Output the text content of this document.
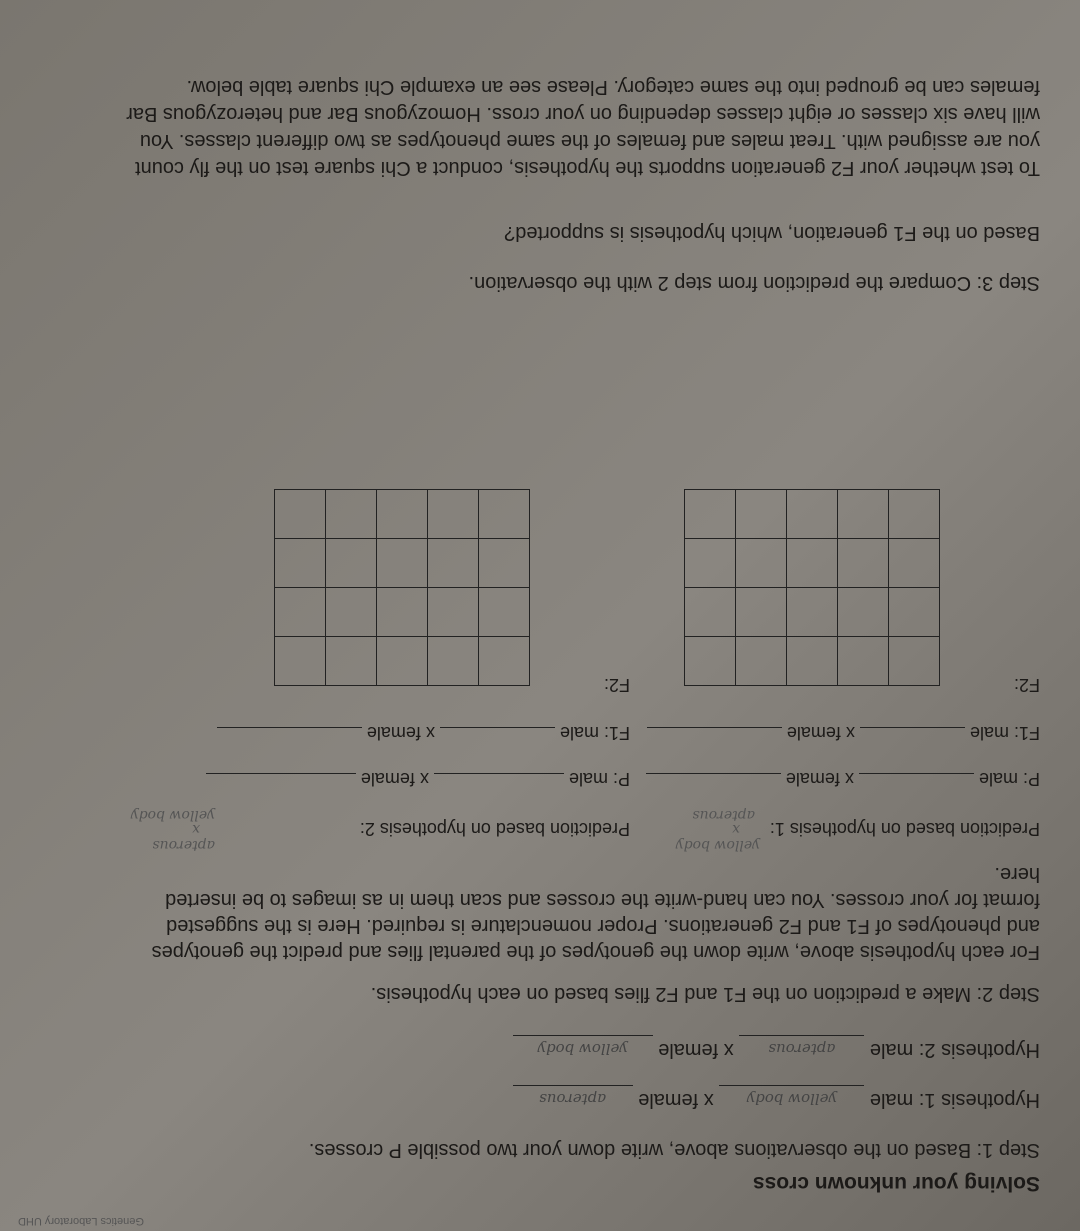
Genetics Laboratory UHD
Solving your unknown cross

Step 1: Based on the observations above, write down your two possible P crosses.

Hypothesis 1: male yellow body x female apterous
Hypothesis 2: male apterous x female yellow body

Step 2: Make a prediction on the F1 and F2 flies based on each hypothesis.

For each hypothesis above, write down the genotypes of the parental flies and predict the genotypes

and phenotypes of F1 and F2 generations. Proper nomenclature is required. Here is the suggested

format for your crosses. You can hand-write the crosses and scan them in as images to be inserted

here.

Prediction based on hypothesis 1:
yellow body
x
apterous
Prediction based on hypothesis 2:
apterous
x
yellow body
P: male  x female
F1: male  x female
F2:
P: male  x female
F1: male  x female
F2:

Step 3: Compare the prediction from step 2 with the observation.

Based on the F1 generation, which hypothesis is supported?

To test whether your F2 generation supports the hypothesis, conduct a Chi square test on the fly count

you are assigned with. Treat males and females of the same phenotypes as two different classes. You

will have six classes or eight classes depending on your cross. Homozygous Bar and heterozygous Bar

females can be grouped into the same category. Please see an example Chi square table below.
